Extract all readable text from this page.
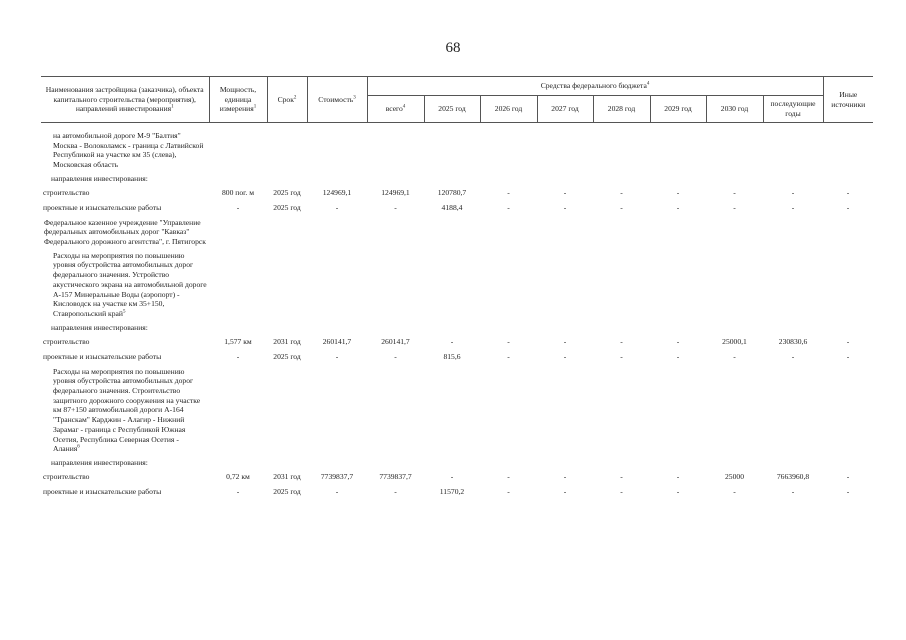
68
Наименования застройщика (заказчика), объекта капитального строительства (мероприятия), направлений инвестирования$^1$	Мощность, единица измерения$^1$	Срок$^2$	Стоимость$^3$	Средства федерального бюджета$^4$								Иные источники
				всего$^4$	2025 год	2026 год	2027 год	2028 год	2029 год	2030 год	последующие годы	

на автомобильной дороге М-9 "Балтия" Москва - Волоколамск - граница с Латвийской Республикой на участке км 35 (слева), Московская область												
направления инвестирования:												
строительство	800 пог. м	2025 год	124969,1	124969,1	120780,7	-	-	-	-	-	-	-
проектные и изыскательские работы	-	2025 год	-	-	4188,4	-	-	-	-	-	-	-
Федеральное казенное учреждение "Управление федеральных автомобильных дорог "Кавказ" Федерального дорожного агентства", г. Пятигорск												
Расходы на мероприятия по повышению уровня обустройства автомобильных дорог федерального значения. Устройство акустического экрана на автомобильной дороге А-157 Минеральные Воды (аэропорт) - Кисловодск на участке км 35+150, Ставропольский край$^5$	
направления инвестирования:												
строительство	1,577 км	2031 год	260141,7	260141,7	-	-	-	-	-	25000,1	230830,6	-
проектные и изыскательские работы	-	2025 год	-	-	815,6	-	-	-	-	-	-	-
Расходы на мероприятия по повышению уровня обустройства автомобильных дорог федерального значения. Строительство защитного дорожного сооружения на участке км 87+150 автомобильной дороги А-164 "Транскам" Карджин - Алагир - Нижний Зарамаг - граница с Республикой Южная Осетия, Республика Северная Осетия - Алания$^6$	
направления инвестирования:												
строительство	0,72 км	2031 год	7739837,7	7739837,7	-	-	-	-	-	25000	7663960,8	-
проектные и изыскательские работы	-	2025 год	-	-	11570,2	-	-	-	-	-	-	-
